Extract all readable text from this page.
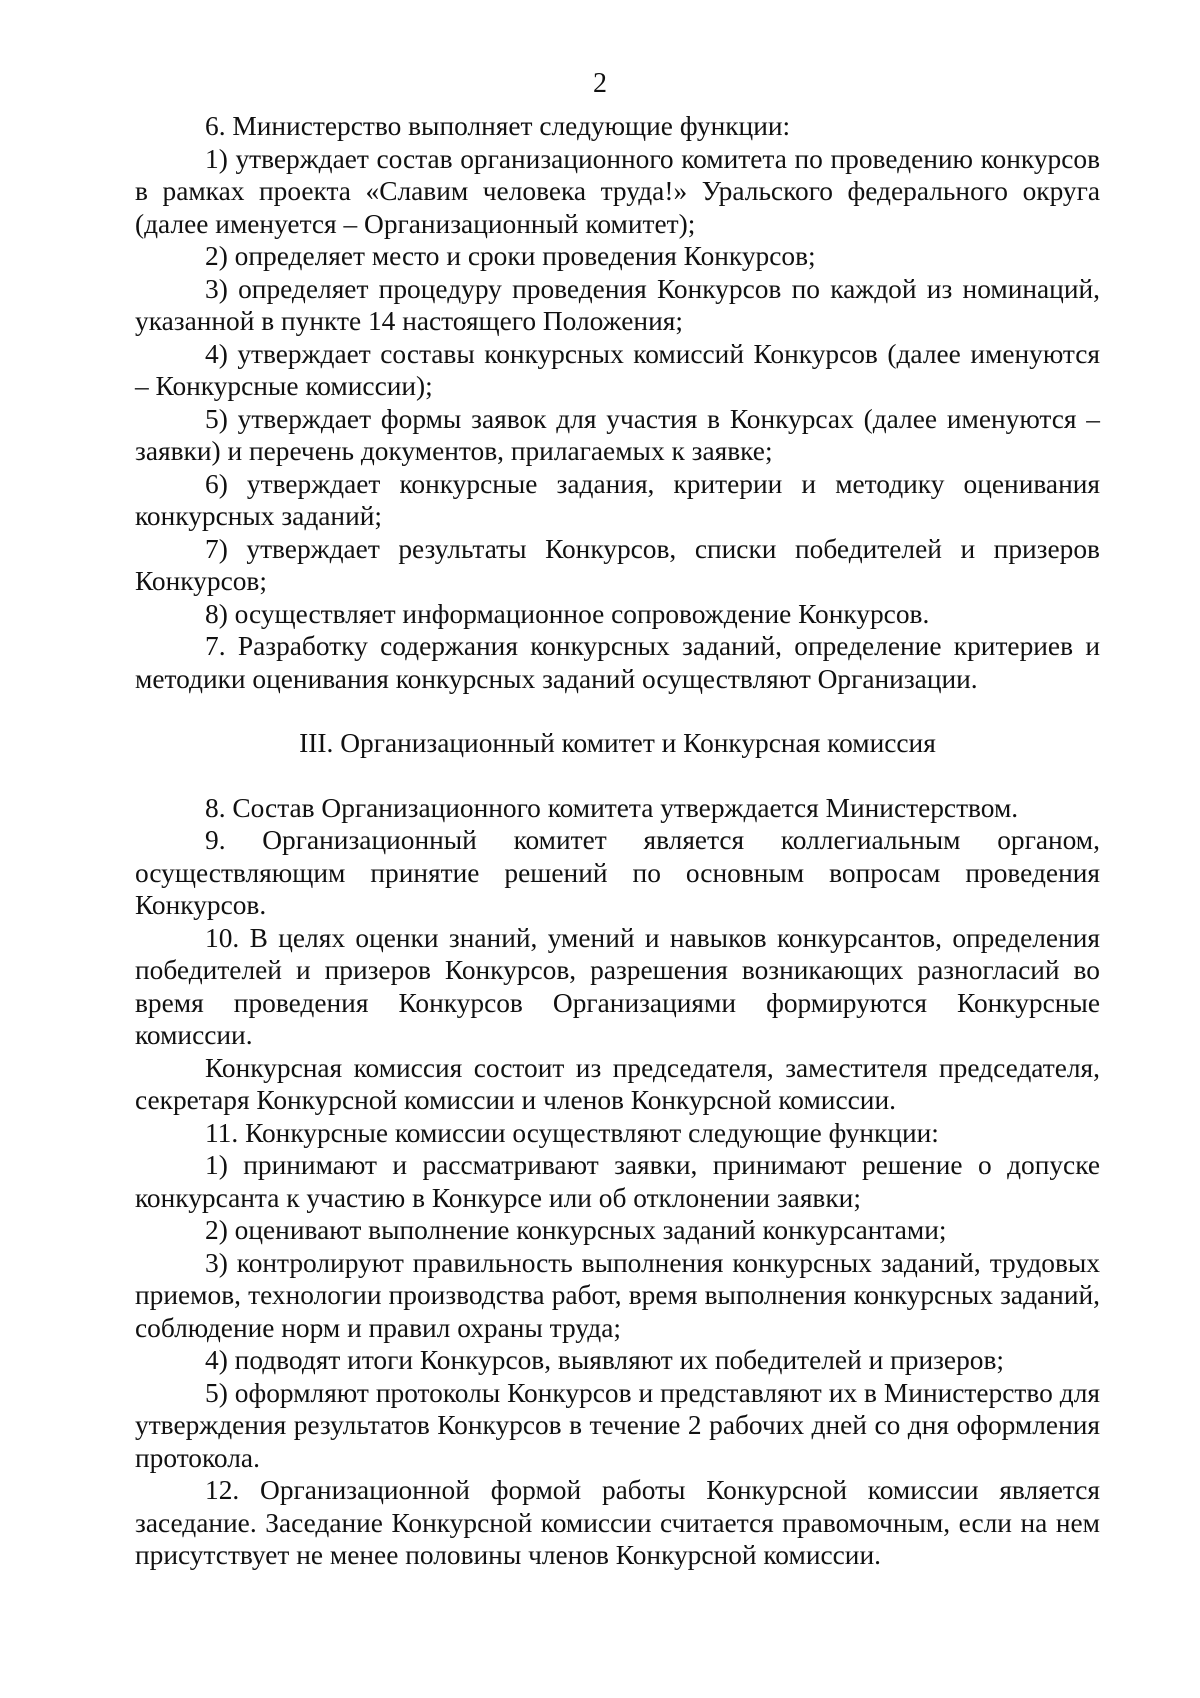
2

6. Министерство выполняет следующие функции:

1) утверждает состав организационного комитета по проведению конкурсов в рамках проекта «Славим человека труда!» Уральского федерального округа (далее именуется – Организационный комитет);

2) определяет место и сроки проведения Конкурсов;

3) определяет процедуру проведения Конкурсов по каждой из номинаций, указанной в пункте 14 настоящего Положения;

4) утверждает составы конкурсных комиссий Конкурсов (далее именуются – Конкурсные комиссии);

5) утверждает формы заявок для участия в Конкурсах (далее именуются – заявки) и перечень документов, прилагаемых к заявке;

6) утверждает конкурсные задания, критерии и методику оценивания конкурсных заданий;

7) утверждает результаты Конкурсов, списки победителей и призеров Конкурсов;

8) осуществляет информационное сопровождение Конкурсов.

7. Разработку содержания конкурсных заданий, определение критериев и методики оценивания конкурсных заданий осуществляют Организации.

III. Организационный комитет и Конкурсная комиссия

8. Состав Организационного комитета утверждается Министерством.

9. Организационный комитет является коллегиальным органом, осуществляющим принятие решений по основным вопросам проведения Конкурсов.

10. В целях оценки знаний, умений и навыков конкурсантов, определения победителей и призеров Конкурсов, разрешения возникающих разногласий во время проведения Конкурсов Организациями формируются Конкурсные комиссии.

Конкурсная комиссия состоит из председателя, заместителя председателя, секретаря Конкурсной комиссии и членов Конкурсной комиссии.

11. Конкурсные комиссии осуществляют следующие функции:

1) принимают и рассматривают заявки, принимают решение о допуске конкурсанта к участию в Конкурсе или об отклонении заявки;

2) оценивают выполнение конкурсных заданий конкурсантами;

3) контролируют правильность выполнения конкурсных заданий, трудовых приемов, технологии производства работ, время выполнения конкурсных заданий, соблюдение норм и правил охраны труда;

4) подводят итоги Конкурсов, выявляют их победителей и призеров;

5) оформляют протоколы Конкурсов и представляют их в Министерство для утверждения результатов Конкурсов в течение 2 рабочих дней со дня оформления протокола.

12. Организационной формой работы Конкурсной комиссии является заседание. Заседание Конкурсной комиссии считается правомочным, если на нем присутствует не менее половины членов Конкурсной комиссии.
